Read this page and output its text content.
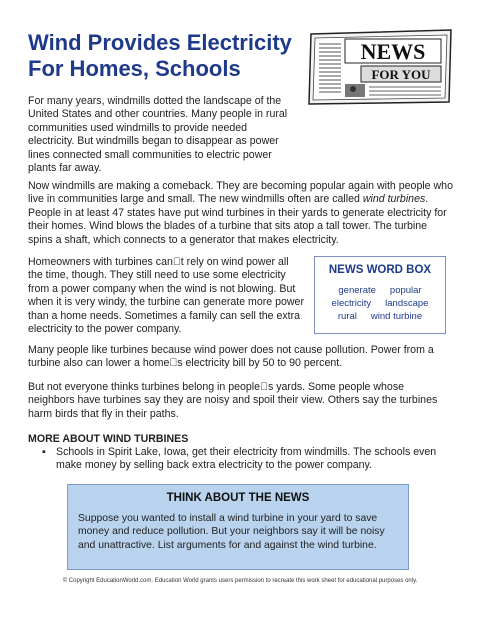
Wind Provides Electricity For Homes, Schools
NEWS
FOR YOU

For many years, windmills dotted the landscape of the United States and other countries. Many people in rural communities used windmills to provide needed electricity. But windmills began to disappear as power lines connected small communities to electric power plants far away.

Now windmills are making a comeback. They are becoming popular again with people who live in communities large and small. The new windmills often are called wind turbines. People in at least 47 states have put wind turbines in their yards to generate electricity for their homes. Wind blows the blades of a turbine that sits atop a tall tower. The turbine spins a shaft, which connects to a generator that makes electricity.

Homeowners with turbines can t rely on wind power all the time, though. They still need to use some electricity from a power company when the wind is not blowing. But when it is very windy, the turbine can generate more power than a home needs. Sometimes a family can sell the extra electricity to the power company.

NEWS WORD BOX
generate popular
electricity landscape
rural wind turbine

Many people like turbines because wind power does not cause pollution. Power from a turbine also can lower a home s electricity bill by 50 to 90 percent.

But not everyone thinks turbines belong in people s yards. Some people whose neighbors have turbines say they are noisy and spoil their view. Others say the turbines harm birds that fly in their paths.

MORE ABOUT WIND TURBINES
▪ Schools in Spirit Lake, Iowa, get their electricity from windmills. The schools even make money by selling back extra electricity to the power company.

THINK ABOUT THE NEWS
Suppose you wanted to install a wind turbine in your yard to save money and reduce pollution. But your neighbors say it will be noisy and unattractive. List arguments for and against the wind turbine.
© Copyright EducationWorld.com. Education World grants users permission to recreate this work sheet for educational purposes only.
